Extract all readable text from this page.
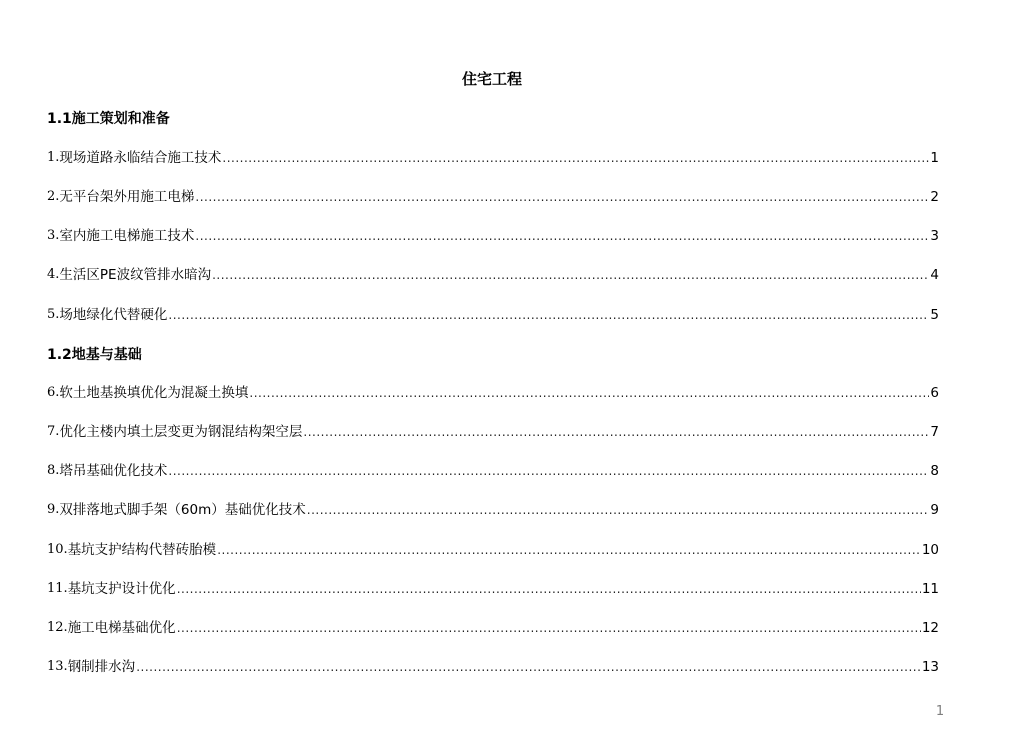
住宅工程
1.1施工策划和准备
1. 现场道路永临结合施工技术 .....	1
2. 无平台架外用施工电梯 .....	2
3. 室内施工电梯施工技术 .....	3
4. 生活区PE波纹管排水暗沟 .....	4
5. 场地绿化代替硬化 .....	5
1.2地基与基础
6. 软土地基换填优化为混凝土换填 .....	6
7. 优化主楼内填土层变更为钢混结构架空层 .....	7
8. 塔吊基础优化技术 .....	8
9. 双排落地式脚手架（60m）基础优化技术 .....	9
10. 基坑支护结构代替砖胎模 .....	10
11. 基坑支护设计优化 .....	11
12. 施工电梯基础优化 .....	12
13. 钢制排水沟 .....	13
1
